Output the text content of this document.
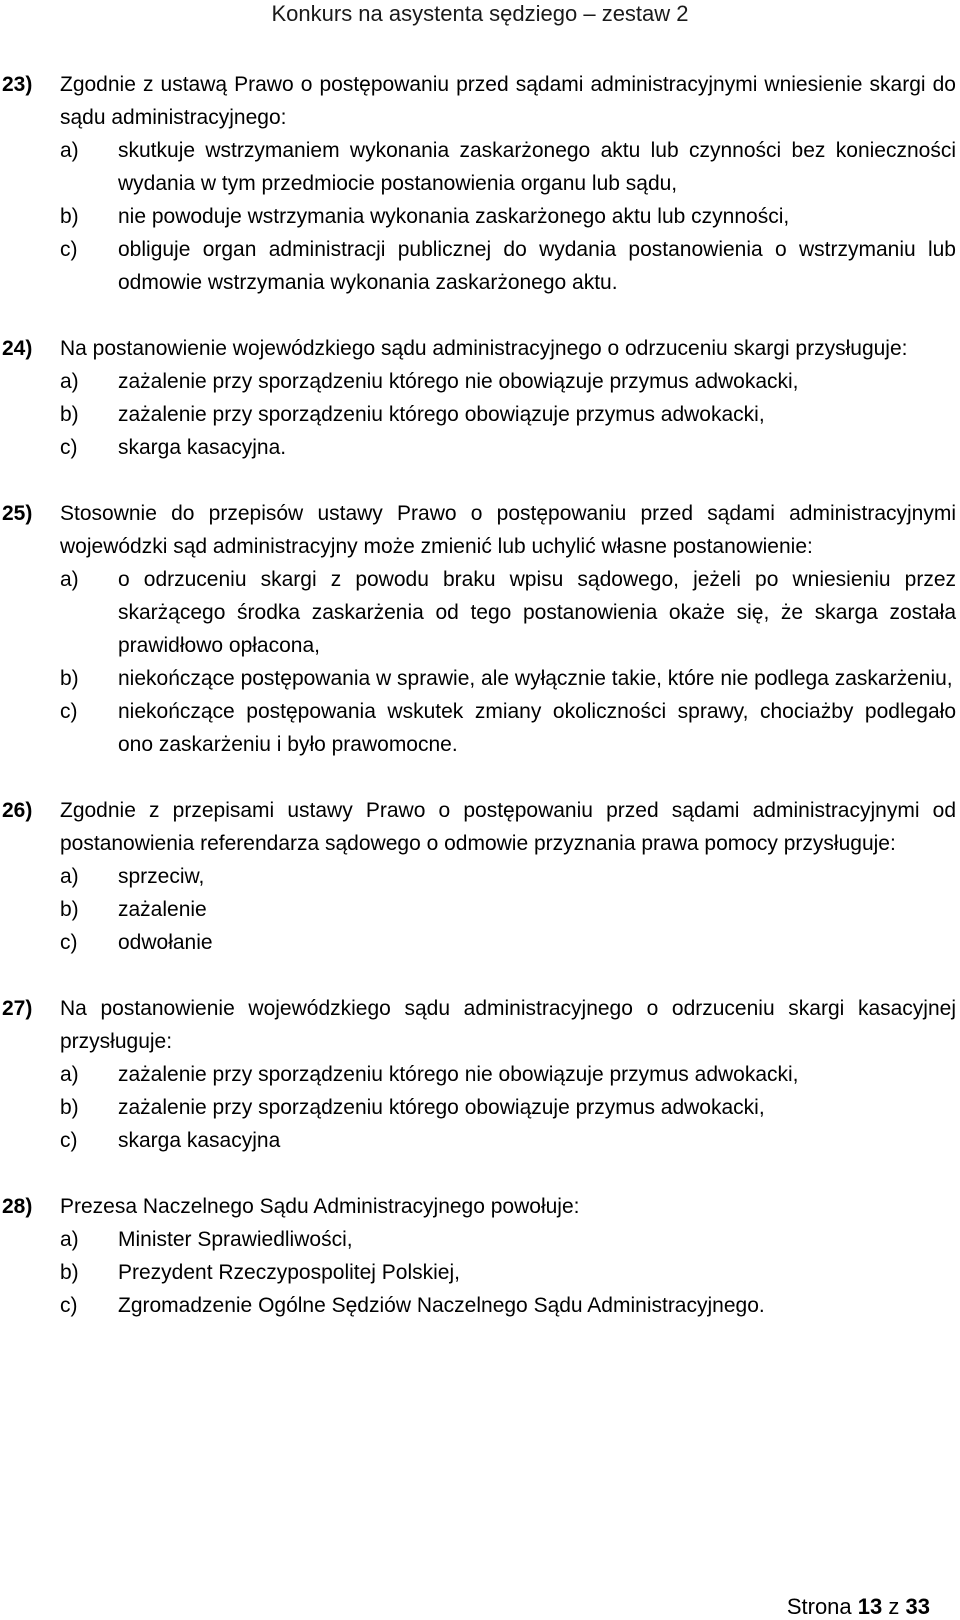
Konkurs na asystenta sędziego – zestaw 2
23)	Zgodnie z ustawą Prawo o postępowaniu przed sądami administracyjnymi wniesienie skargi do sądu administracyjnego:
a)	skutkuje wstrzymaniem wykonania zaskarżonego aktu lub czynności bez konieczności wydania w tym przedmiocie postanowienia organu lub sądu,
b)	nie powoduje wstrzymania wykonania zaskarżonego aktu lub czynności,
c)	obliguje organ administracji publicznej do wydania postanowienia o wstrzymaniu lub odmowie wstrzymania wykonania zaskarżonego aktu.
24)	Na postanowienie wojewódzkiego sądu administracyjnego o odrzuceniu skargi przysługuje:
a)	zażalenie przy sporządzeniu którego nie obowiązuje przymus adwokacki,
b)	zażalenie przy sporządzeniu którego obowiązuje przymus adwokacki,
c)	skarga kasacyjna.
25)	Stosownie do przepisów ustawy Prawo o postępowaniu przed sądami administracyjnymi wojewódzki sąd administracyjny może zmienić lub uchylić własne postanowienie:
a)	o odrzuceniu skargi z powodu braku wpisu sądowego, jeżeli po wniesieniu przez skarżącego środka zaskarżenia od tego postanowienia okaże się, że skarga została prawidłowo opłacona,
b)	niekończące postępowania w sprawie, ale wyłącznie takie, które nie podlega zaskarżeniu,
c)	niekończące postępowania wskutek zmiany okoliczności sprawy, chociażby podlegało ono zaskarżeniu i było prawomocne.
26)	Zgodnie z przepisami ustawy Prawo o postępowaniu przed sądami administracyjnymi od postanowienia referendarza sądowego o odmowie przyznania prawa pomocy przysługuje:
a)	sprzeciw,
b)	zażalenie
c)	odwołanie
27)	Na postanowienie wojewódzkiego sądu administracyjnego o odrzuceniu skargi kasacyjnej przysługuje:
a)	zażalenie przy sporządzeniu którego nie obowiązuje przymus adwokacki,
b)	zażalenie przy sporządzeniu którego obowiązuje przymus adwokacki,
c)	skarga kasacyjna
28)	Prezesa Naczelnego Sądu Administracyjnego powołuje:
a)	Minister Sprawiedliwości,
b)	Prezydent Rzeczypospolitej Polskiej,
c)	Zgromadzenie Ogólne Sędziów Naczelnego Sądu Administracyjnego.
Strona 13 z 33
